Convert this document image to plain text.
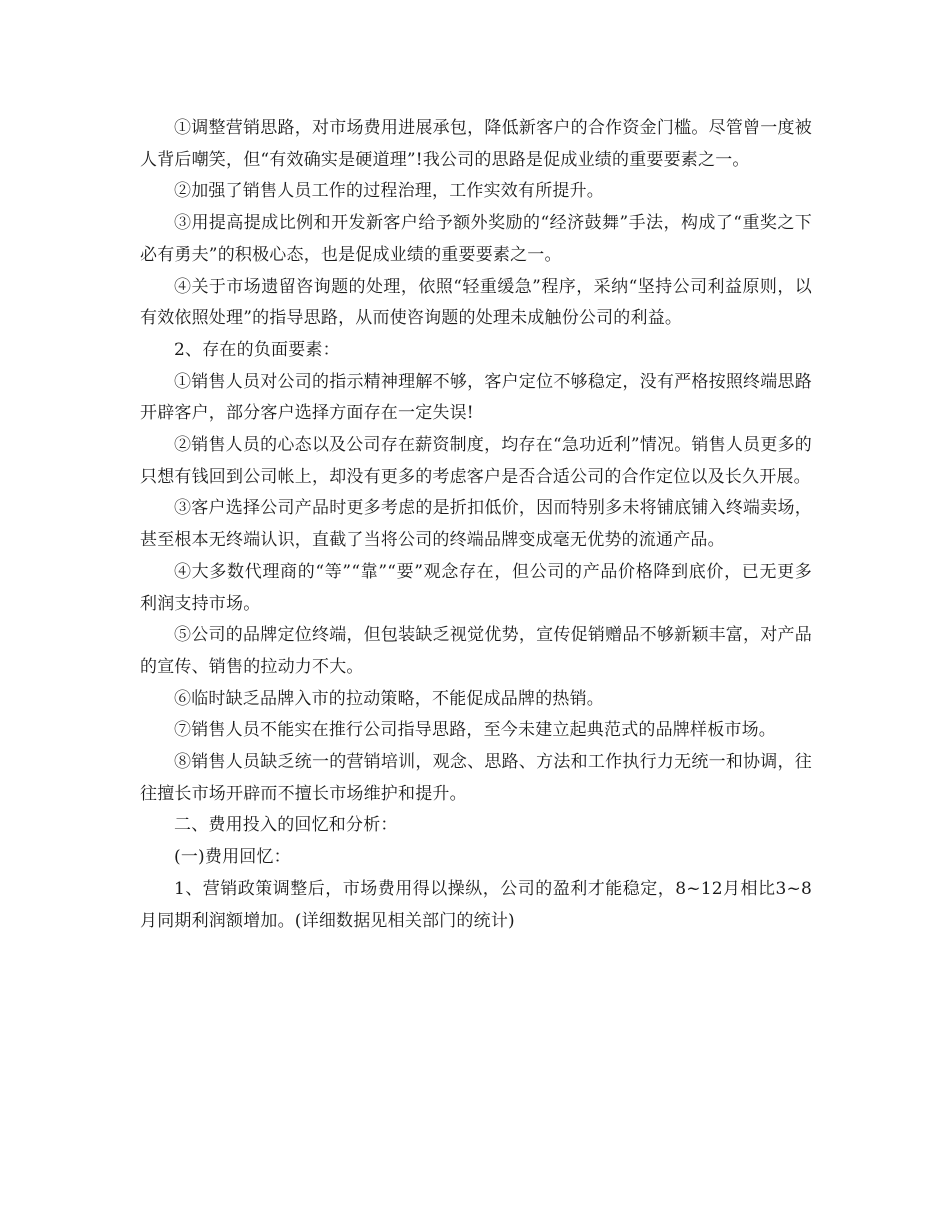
①调整营销思路，对市场费用进展承包，降低新客户的合作资金门槛。尽管曾一度被人背后嘲笑，但“有效确实是硬道理”!我公司的思路是促成业绩的重要要素之一。

②加强了销售人员工作的过程治理，工作实效有所提升。

③用提高提成比例和开发新客户给予额外奖励的“经济鼓舞”手法，构成了“重奖之下必有勇夫”的积极心态，也是促成业绩的重要要素之一。

④关于市场遗留咨询题的处理，依照“轻重缓急”程序，采纳“坚持公司利益原则，以有效依照处理”的指导思路，从而使咨询题的处理未成触份公司的利益。

2、存在的负面要素：

①销售人员对公司的指示精神理解不够，客户定位不够稳定，没有严格按照终端思路开辟客户，部分客户选择方面存在一定失误!

②销售人员的心态以及公司存在薪资制度，均存在“急功近利”情况。销售人员更多的只想有钱回到公司帐上，却没有更多的考虑客户是否合适公司的合作定位以及长久开展。

③客户选择公司产品时更多考虑的是折扣低价，因而特别多未将铺底铺入终端卖场，甚至根本无终端认识，直截了当将公司的终端品牌变成毫无优势的流通产品。

④大多数代理商的“等”“靠”“要”观念存在，但公司的产品价格降到底价，已无更多利润支持市场。

⑤公司的品牌定位终端，但包装缺乏视觉优势，宣传促销赠品不够新颖丰富，对产品的宣传、销售的拉动力不大。

⑥临时缺乏品牌入市的拉动策略，不能促成品牌的热销。

⑦销售人员不能实在推行公司指导思路，至今未建立起典范式的品牌样板市场。

⑧销售人员缺乏统一的营销培训，观念、思路、方法和工作执行力无统一和协调，往往擅长市场开辟而不擅长市场维护和提升。

二、费用投入的回忆和分析：

(一)费用回忆：

1、营销政策调整后，市场费用得以操纵，公司的盈利才能稳定，8~12月相比3~8月同期利润额增加。(详细数据见相关部门的统计)
